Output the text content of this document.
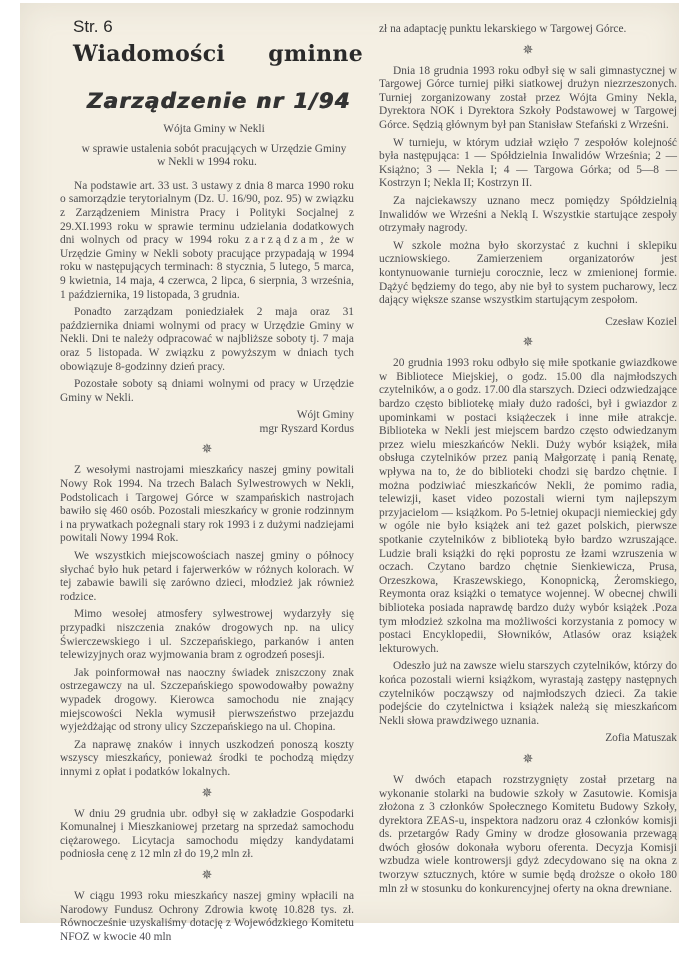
Str. 6
Wiadomości gminne
Zarządzenie nr 1/94

Wójta Gminy w Nekli

w sprawie ustalenia sobót pracujących w Urzędzie Gminy w Nekli w 1994 roku.

Na podstawie art. 33 ust. 3 ustawy z dnia 8 marca 1990 roku o samorządzie terytorialnym (Dz. U. 16/90, poz. 95) w związku z Zarządzeniem Ministra Pracy i Polityki Socjalnej z 29.XI.1993 roku w sprawie terminu udzielania dodatkowych dni wolnych od pracy w 1994 roku zarządzam, że w Urzędzie Gminy w Nekli soboty pracujące przypadają w 1994 roku w następujących terminach: 8 stycznia, 5 lutego, 5 marca, 9 kwietnia, 14 maja, 4 czerwca, 2 lipca, 6 sierpnia, 3 września, 1 października, 19 listopada, 3 grudnia.

Ponadto zarządzam poniedziałek 2 maja oraz 31 października dniami wolnymi od pracy w Urzędzie Gminy w Nekli. Dni te należy odpracować w najbliższe soboty tj. 7 maja oraz 5 listopada. W związku z powyższym w dniach tych obowiązuje 8-godzinny dzień pracy.

Pozostałe soboty są dniami wolnymi od pracy w Urzędzie Gminy w Nekli.

Wójt Gminy

mgr Ryszard Kordus

✵

Z wesołymi nastrojami mieszkańcy naszej gminy powitali Nowy Rok 1994. Na trzech Balach Sylwestrowych w Nekli, Podstolicach i Targowej Górce w szampańskich nastrojach bawiło się 460 osób. Pozostali mieszkańcy w gronie rodzinnym i na prywatkach pożegnali stary rok 1993 i z dużymi nadziejami powitali Nowy 1994 Rok.

We wszystkich miejscowościach naszej gminy o północy słychać było huk petard i fajerwerków w różnych kolorach. W tej zabawie bawili się zarówno dzieci, młodzież jak również rodzice.

Mimo wesołej atmosfery sylwestrowej wydarzyły się przypadki niszczenia znaków drogowych np. na ulicy Świerczewskiego i ul. Szczepańskiego, parkanów i anten telewizyjnych oraz wyjmowania bram z ogrodzeń posesji.

Jak poinformował nas naoczny świadek zniszczony znak ostrzegawczy na ul. Szczepańskiego spowodowałby poważny wypadek drogowy. Kierowca samochodu nie znający miejscowości Nekla wymusił pierwszeństwo przejazdu wyjeżdżając od strony ulicy Szczepańskiego na ul. Chopina.

Za naprawę znaków i innych uszkodzeń ponoszą koszty wszyscy mieszkańcy, ponieważ środki te pochodzą między innymi z opłat i podatków lokalnych.

✵

W dniu 29 grudnia ubr. odbył się w zakładzie Gospodarki Komunalnej i Mieszkaniowej przetarg na sprzedaż samochodu ciężarowego. Licytacja samochodu między kandydatami podniosła cenę z 12 mln zł do 19,2 mln zł.

✵

W ciągu 1993 roku mieszkańcy naszej gminy wpłacili na Narodowy Fundusz Ochrony Zdrowia kwotę 10.828 tys. zł. Równocześnie uzyskaliśmy dotację z Wojewódzkiego Komitetu NFOZ w kwocie 40 mln

zł na adaptację punktu lekarskiego w Targowej Górce.

✵

Dnia 18 grudnia 1993 roku odbył się w sali gimnastycznej w Targowej Górce turniej piłki siatkowej drużyn niezrzeszonych. Turniej zorganizowany został przez Wójta Gminy Nekla, Dyrektora NOK i Dyrektora Szkoły Podstawowej w Targowej Górce. Sędzią głównym był pan Stanisław Stefański z Wrześni.

W turnieju, w którym udział wzięło 7 zespołów kolejność była następująca: 1 — Spółdzielnia Inwalidów Września; 2 — Książno; 3 — Nekla I; 4 — Targowa Górka; od 5—8 — Kostrzyn I; Nekla II; Kostrzyn II.

Za najciekawszy uznano mecz pomiędzy Spółdzielnią Inwalidów we Wrześni a Neklą I. Wszystkie startujące zespoły otrzymały nagrody.

W szkole można było skorzystać z kuchni i sklepiku uczniowskiego. Zamierzeniem organizatorów jest kontynuowanie turnieju corocznie, lecz w zmienionej formie. Dążyć będziemy do tego, aby nie był to system pucharowy, lecz dający większe szanse wszystkim startującym zespołom.

Czesław Koziel

✵

20 grudnia 1993 roku odbyło się miłe spotkanie gwiazdkowe w Bibliotece Miejskiej, o godz. 15.00 dla najmłodszych czytelników, a o godz. 17.00 dla starszych. Dzieci odzwiedzające bardzo często bibliotekę miały dużo radości, był i gwiazdor z upominkami w postaci książeczek i inne miłe atrakcje. Biblioteka w Nekli jest miejscem bardzo często odwiedzanym przez wielu mieszkańców Nekli. Duży wybór książek, miła obsługa czytelników przez panią Małgorzatę i panią Renatę, wpływa na to, że do biblioteki chodzi się bardzo chętnie. I można podziwiać mieszkańców Nekli, że pomimo radia, telewizji, kaset video pozostali wierni tym najlepszym przyjacielom — książkom. Po 5-letniej okupacji niemieckiej gdy w ogóle nie było książek ani też gazet polskich, pierwsze spotkanie czytelników z biblioteką było bardzo wzruszające. Ludzie brali książki do ręki poprostu ze łzami wzruszenia w oczach. Czytano bardzo chętnie Sienkiewicza, Prusa, Orzeszkowa, Kraszewskiego, Konopnicką, Żeromskiego, Reymonta oraz książki o tematyce wojennej. W obecnej chwili biblioteka posiada naprawdę bardzo duży wybór książek .Poza tym młodzież szkolna ma możliwości korzystania z pomocy w postaci Encyklopedii, Słowników, Atlasów oraz książek lekturowych.

Odeszło już na zawsze wielu starszych czytelników, którzy do końca pozostali wierni książkom, wyrastają zastępy następnych czytelników począwszy od najmłodszych dzieci. Za takie podejście do czytelnictwa i książek należą się mieszkańcom Nekli słowa prawdziwego uznania.

Zofia Matuszak

✵

W dwóch etapach rozstrzygnięty został przetarg na wykonanie stolarki na budowie szkoły w Zasutowie. Komisja złożona z 3 członków Społecznego Komitetu Budowy Szkoły, dyrektora ZEAS-u, inspektora nadzoru oraz 4 członków komisji ds. przetargów Rady Gminy w drodze głosowania przewagą dwóch głosów dokonała wyboru oferenta. Decyzja Komisji wzbudza wiele kontrowersji gdyż zdecydowano się na okna z tworzyw sztucznych, które w sumie będą droższe o około 180 mln zł w stosunku do konkurencyjnej oferty na okna drewniane.
